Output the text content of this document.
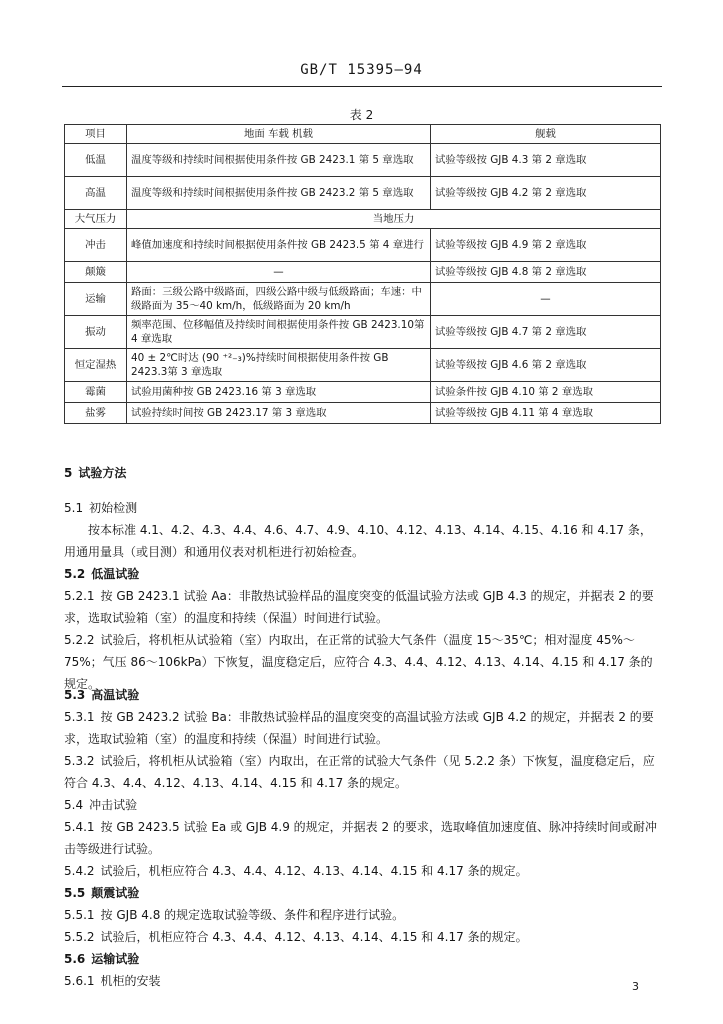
GB/T 15395—94
表 2
项目	地面 车载 机载	舰载
低温	温度等级和持续时间根据使用条件按 GB 2423.1 第 5 章选取	试验等级按 GJB 4.3 第 2 章选取
高温	温度等级和持续时间根据使用条件按 GB 2423.2 第 5 章选取	试验等级按 GJB 4.2 第 2 章选取
大气压力	当地压力	
冲击	峰值加速度和持续时间根据使用条件按 GB 2423.5 第 4 章进行	试验等级按 GJB 4.9 第 2 章选取
颠簸	—	试验等级按 GJB 4.8 第 2 章选取
运输	路面：三级公路中级路面，四级公路中级与低级路面；车速：中级路面为 35～40 km/h，低级路面为 20 km/h	—
振动	频率范围、位移幅值及持续时间根据使用条件按 GB 2423.10第 4 章选取	试验等级按 GJB 4.7 第 2 章选取
恒定湿热	40 ± 2℃时达 (90 ⁺²₋₃)%持续时间根据使用条件按 GB 2423.3第 3 章选取	试验等级按 GJB 4.6 第 2 章选取
霉菌	试验用菌种按 GB 2423.16 第 3 章选取	试验条件按 GJB 4.10 第 2 章选取
盐雾	试验持续时间按 GB 2423.17 第 3 章选取	试验等级按 GJB 4.11 第 4 章选取
5 试验方法
5.1 初始检测
按本标准 4.1、4.2、4.3、4.4、4.6、4.7、4.9、4.10、4.12、4.13、4.14、4.15、4.16 和 4.17 条，用通用量具（或目测）和通用仪表对机柜进行初始检查。
5.2 低温试验
5.2.1 按 GB 2423.1 试验 Aa：非散热试验样品的温度突变的低温试验方法或 GJB 4.3 的规定，并据表 2 的要求，选取试验箱（室）的温度和持续（保温）时间进行试验。
5.2.2 试验后，将机柜从试验箱（室）内取出，在正常的试验大气条件（温度 15～35℃；相对湿度 45%～75%；气压 86～106kPa）下恢复，温度稳定后，应符合 4.3、4.4、4.12、4.13、4.14、4.15 和 4.17 条的规定。
5.3 高温试验
5.3.1 按 GB 2423.2 试验 Ba：非散热试验样品的温度突变的高温试验方法或 GJB 4.2 的规定，并据表 2 的要求，选取试验箱（室）的温度和持续（保温）时间进行试验。
5.3.2 试验后，将机柜从试验箱（室）内取出，在正常的试验大气条件（见 5.2.2 条）下恢复，温度稳定后，应符合 4.3、4.4、4.12、4.13、4.14、4.15 和 4.17 条的规定。
5.4 冲击试验
5.4.1 按 GB 2423.5 试验 Ea 或 GJB 4.9 的规定，并据表 2 的要求，选取峰值加速度值、脉冲持续时间或耐冲击等级进行试验。
5.4.2 试验后，机柜应符合 4.3、4.4、4.12、4.13、4.14、4.15 和 4.17 条的规定。
5.5 颠震试验
5.5.1 按 GJB 4.8 的规定选取试验等级、条件和程序进行试验。
5.5.2 试验后，机柜应符合 4.3、4.4、4.12、4.13、4.14、4.15 和 4.17 条的规定。
5.6 运输试验
5.6.1 机柜的安装	3
